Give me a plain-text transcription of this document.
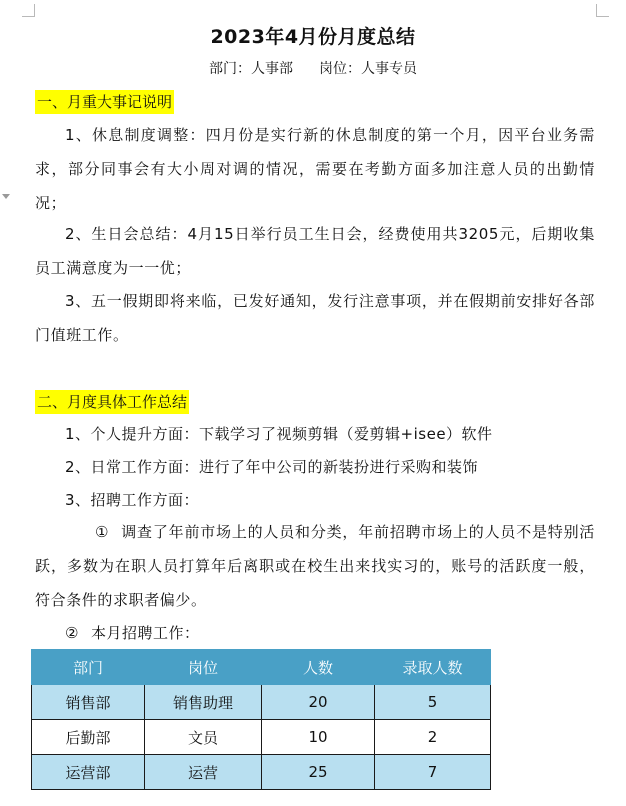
2023年4月份月度总结
部门：人事部 岗位：人事专员
一、月重大事记说明

1、休息制度调整：四月份是实行新的休息制度的第一个月，因平台业务需求，部分同事会有大小周对调的情况，需要在考勤方面多加注意人员的出勤情况；

2、生日会总结：4月15日举行员工生日会，经费使用共3205元，后期收集员工满意度为一一优；

3、五一假期即将来临，已发好通知，发行注意事项，并在假期前安排好各部门值班工作。

二、月度具体工作总结
1、个人提升方面：下载学习了视频剪辑（爱剪辑+isee）软件
2、日常工作方面：进行了年中公司的新装扮进行采购和装饰
3、招聘工作方面：

① 调查了年前市场上的人员和分类，年前招聘市场上的人员不是特别活跃，多数为在职人员打算年后离职或在校生出来找实习的，账号的活跃度一般，符合条件的求职者偏少。

② 本月招聘工作：
部门	岗位	人数	录取人数
销售部	销售助理	20	5
后勤部	文员	10	2
运营部	运营	25	7
